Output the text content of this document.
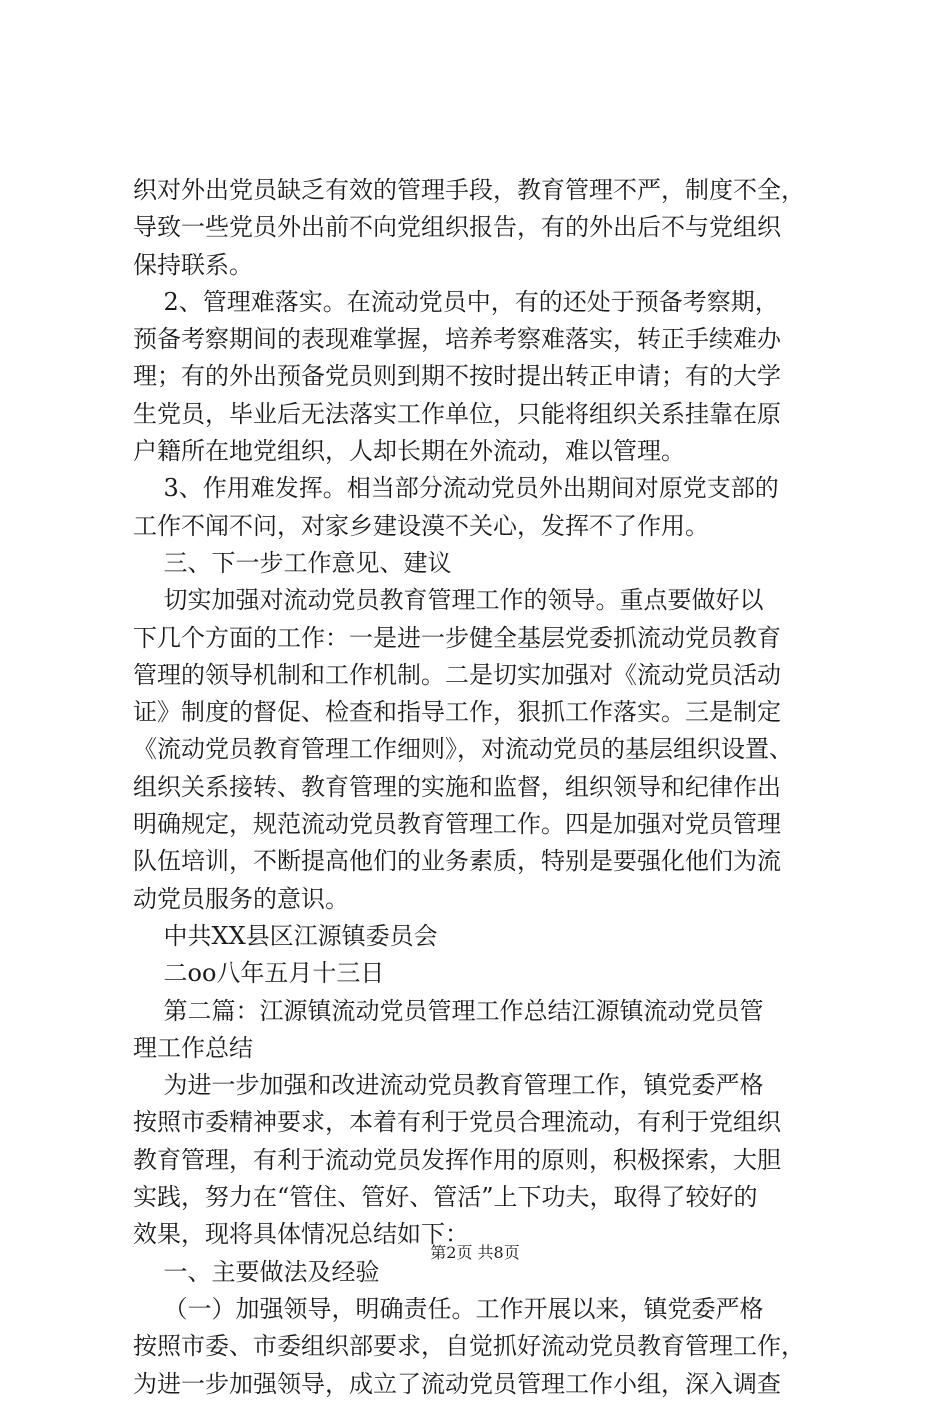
织对外出党员缺乏有效的管理手段，教育管理不严，制度不全，
导致一些党员外出前不向党组织报告，有的外出后不与党组织
保持联系。
2、管理难落实。在流动党员中，有的还处于预备考察期，
预备考察期间的表现难掌握，培养考察难落实，转正手续难办
理；有的外出预备党员则到期不按时提出转正申请；有的大学
生党员，毕业后无法落实工作单位，只能将组织关系挂靠在原
户籍所在地党组织，人却长期在外流动，难以管理。
3、作用难发挥。相当部分流动党员外出期间对原党支部的
工作不闻不问，对家乡建设漠不关心，发挥不了作用。
三、下一步工作意见、建议
切实加强对流动党员教育管理工作的领导。重点要做好以
下几个方面的工作：一是进一步健全基层党委抓流动党员教育
管理的领导机制和工作机制。二是切实加强对《流动党员活动
证》制度的督促、检查和指导工作，狠抓工作落实。三是制定
《流动党员教育管理工作细则》，对流动党员的基层组织设置、
组织关系接转、教育管理的实施和监督，组织领导和纪律作出
明确规定，规范流动党员教育管理工作。四是加强对党员管理
队伍培训，不断提高他们的业务素质，特别是要强化他们为流
动党员服务的意识。
中共XX县区江源镇委员会
二oo八年五月十三日
第二篇：江源镇流动党员管理工作总结江源镇流动党员管
理工作总结
为进一步加强和改进流动党员教育管理工作，镇党委严格
按照市委精神要求，本着有利于党员合理流动，有利于党组织
教育管理，有利于流动党员发挥作用的原则，积极探索，大胆
实践，努力在“管住、管好、管活”上下功夫，取得了较好的
效果，现将具体情况总结如下：
一、主要做法及经验
（一）加强领导，明确责任。工作开展以来，镇党委严格
按照市委、市委组织部要求，自觉抓好流动党员教育管理工作，
为进一步加强领导，成立了流动党员管理工作小组，深入调查
第2页 共8页
